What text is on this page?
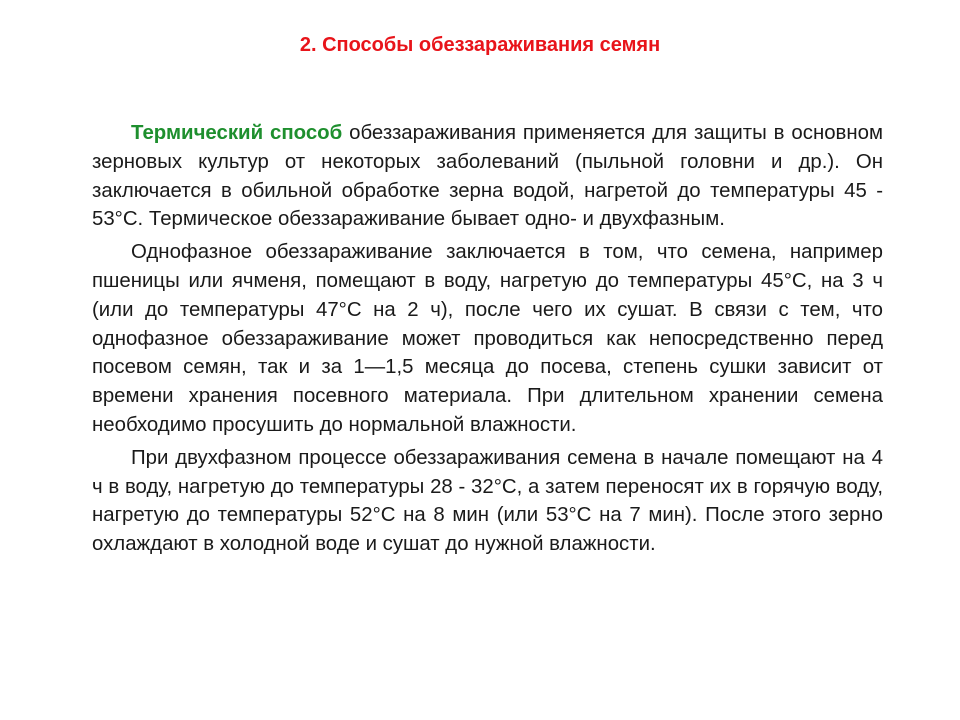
2. Способы обеззараживания семян

Термический способ обеззараживания применяется для защиты в основном зерновых культур от некоторых заболеваний (пыльной головни и др.). Он заключается в обильной обработке зерна водой, нагретой до температуры 45 - 53°С. Термическое обеззараживание бывает одно- и двухфазным.

Однофазное обеззараживание заключается в том, что семена, например пшеницы или ячменя, помещают в воду, нагретую до температуры 45°С, на 3 ч (или до температуры 47°С на 2 ч), после чего их сушат. В связи с тем, что однофазное обеззараживание может проводиться как непосредственно перед посевом семян, так и за 1—1,5 месяца до посева, степень сушки зависит от времени хранения посевного материала. При длительном хранении семена необходимо просушить до нормальной влажности.

При двухфазном процессе обеззараживания семена в начале помещают на 4 ч в воду, нагретую до температуры 28 - 32°С, а затем переносят их в горячую воду, нагретую до температуры 52°С на 8 мин (или 53°С на 7 мин). После этого зерно охлаждают в холодной воде и сушат до нужной влажности.
